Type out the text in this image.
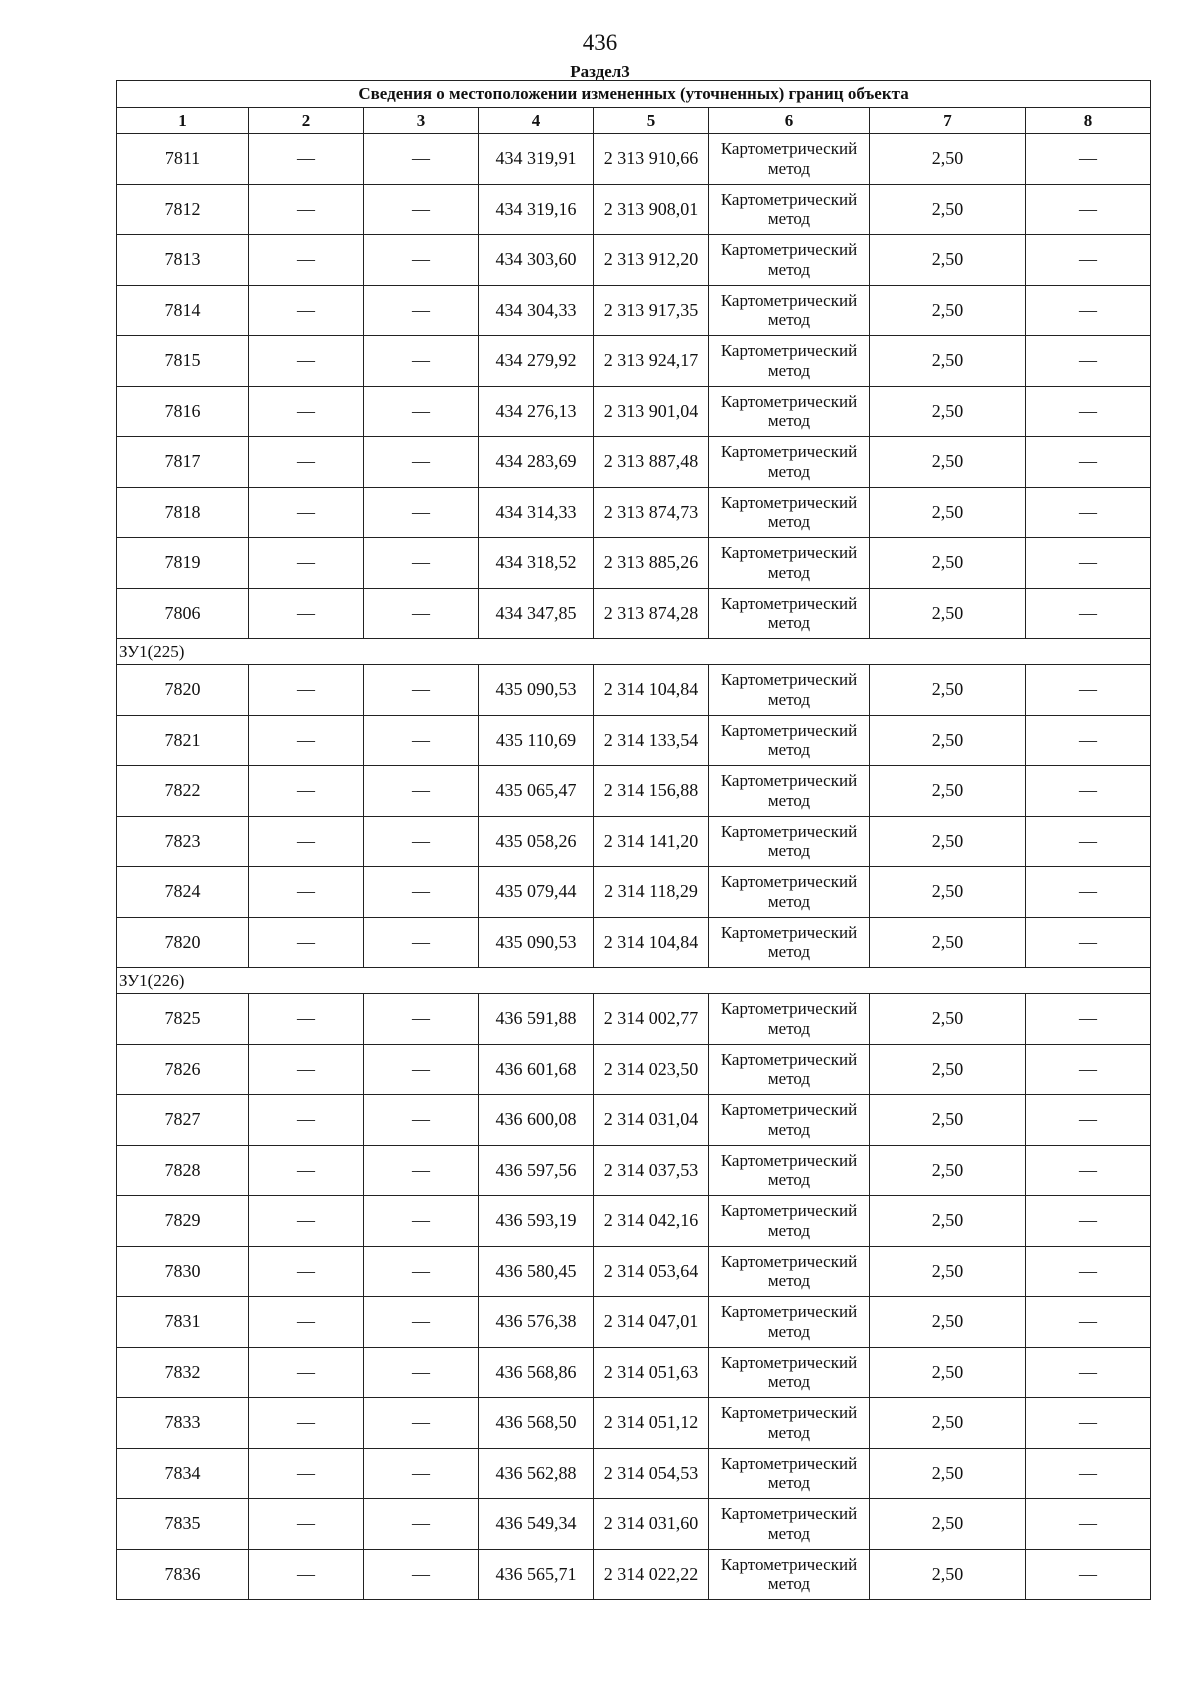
436
Раздел3
Сведения о местоположении измененных (уточненных) границ объекта							
1	2	3	4	5	6	7	8
7811	—	—	434 319,91	2 313 910,66	Картометрический метод	2,50	—
7812	—	—	434 319,16	2 313 908,01	Картометрический метод	2,50	—
7813	—	—	434 303,60	2 313 912,20	Картометрический метод	2,50	—
7814	—	—	434 304,33	2 313 917,35	Картометрический метод	2,50	—
7815	—	—	434 279,92	2 313 924,17	Картометрический метод	2,50	—
7816	—	—	434 276,13	2 313 901,04	Картометрический метод	2,50	—
7817	—	—	434 283,69	2 313 887,48	Картометрический метод	2,50	—
7818	—	—	434 314,33	2 313 874,73	Картометрический метод	2,50	—
7819	—	—	434 318,52	2 313 885,26	Картометрический метод	2,50	—
7806	—	—	434 347,85	2 313 874,28	Картометрический метод	2,50	—
ЗУ1(225)							
7820	—	—	435 090,53	2 314 104,84	Картометрический метод	2,50	—
7821	—	—	435 110,69	2 314 133,54	Картометрический метод	2,50	—
7822	—	—	435 065,47	2 314 156,88	Картометрический метод	2,50	—
7823	—	—	435 058,26	2 314 141,20	Картометрический метод	2,50	—
7824	—	—	435 079,44	2 314 118,29	Картометрический метод	2,50	—
7820	—	—	435 090,53	2 314 104,84	Картометрический метод	2,50	—
ЗУ1(226)							
7825	—	—	436 591,88	2 314 002,77	Картометрический метод	2,50	—
7826	—	—	436 601,68	2 314 023,50	Картометрический метод	2,50	—
7827	—	—	436 600,08	2 314 031,04	Картометрический метод	2,50	—
7828	—	—	436 597,56	2 314 037,53	Картометрический метод	2,50	—
7829	—	—	436 593,19	2 314 042,16	Картометрический метод	2,50	—
7830	—	—	436 580,45	2 314 053,64	Картометрический метод	2,50	—
7831	—	—	436 576,38	2 314 047,01	Картометрический метод	2,50	—
7832	—	—	436 568,86	2 314 051,63	Картометрический метод	2,50	—
7833	—	—	436 568,50	2 314 051,12	Картометрический метод	2,50	—
7834	—	—	436 562,88	2 314 054,53	Картометрический метод	2,50	—
7835	—	—	436 549,34	2 314 031,60	Картометрический метод	2,50	—
7836	—	—	436 565,71	2 314 022,22	Картометрический метод	2,50	—
